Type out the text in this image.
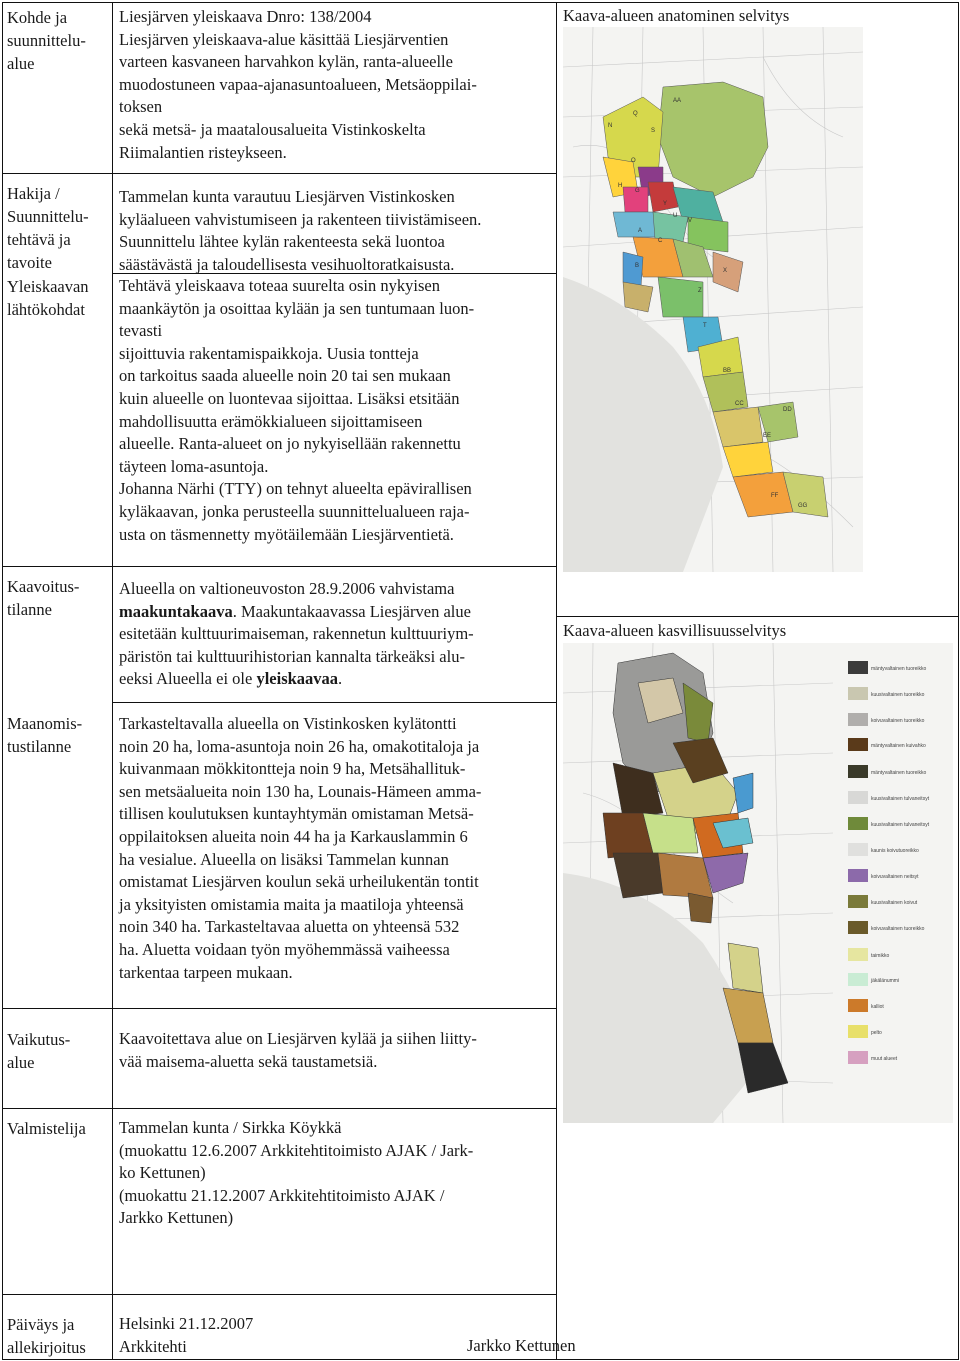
Kohde ja
suunnittelu-
alue
Liesjärven yleiskaava Dnro: 138/2004
Liesjärven yleiskaava-alue käsittää Liesjärventien
varteen kasvaneen harvahkon kylän, ranta-alueelle
muodostuneen vapaa-ajanasuntoalueen, Metsäoppilai-
toksen
sekä metsä- ja maatalousalueita Vistinkoskelta
Riimalantien risteykseen.
Hakija /
Suunnittelu-
tehtävä ja
tavoite
Tammelan kunta varautuu Liesjärven Vistinkosken
kyläalueen vahvistumiseen ja rakenteen tiivistämiseen.
Suunnittelu lähtee kylän rakenteesta sekä luontoa
säästävästä ja taloudellisesta vesihuoltoratkaisusta.
Yleiskaavan
lähtökohdat
Tehtävä yleiskaava toteaa suurelta osin nykyisen
maankäytön ja osoittaa kylään ja sen tuntumaan luon-
tevasti
sijoittuvia rakentamispaikkoja. Uusia tontteja
on tarkoitus saada alueelle noin 20 tai sen mukaan
kuin alueelle on luontevaa sijoittaa. Lisäksi etsitään
mahdollisuutta erämökkialueen sijoittamiseen
alueelle. Ranta-alueet on jo nykyisellään rakennettu
täyteen loma-asuntoja.
Johanna Närhi (TTY) on tehnyt alueelta epävirallisen
kyläkaavan, jonka perusteella suunnittelualueen raja-
usta on täsmennetty myötäilemään Liesjärventietä.
Kaavoitus-
tilanne
Alueella on valtioneuvoston 28.9.2006 vahvistama
maakuntakaava. Maakuntakaavassa Liesjärven alue
esitetään kulttuurimaiseman, rakennetun kulttuuriym-
päristön tai kulttuurihistorian kannalta tärkeäksi alu-
eeksi Alueella ei ole yleiskaavaa.
Maanomis-
tustilanne
Tarkasteltavalla alueella on Vistinkosken kylätontti
noin 20 ha, loma-asuntoja noin 26 ha, omakotitaloja ja
kuivanmaan mökkitontteja noin 9 ha, Metsähallituk-
sen metsäalueita noin 130 ha, Lounais-Hämeen amma-
tillisen koulutuksen kuntayhtymän omistaman Metsä-
oppilaitoksen alueita noin 44 ha ja Karkauslammin 6
ha vesialue. Alueella on lisäksi Tammelan kunnan
omistamat Liesjärven koulun sekä urheilukentän tontit
ja yksityisten omistamia maita ja maatiloja yhteensä
noin 340 ha. Tarkasteltavaa aluetta on yhteensä 532
ha. Aluetta voidaan työn myöhemmässä vaiheessa
tarkentaa tarpeen mukaan.
Vaikutus-
alue
Kaavoitettava alue on Liesjärven kylää ja siihen liitty-
vää maisema-aluetta sekä taustametsiä.
Valmistelija	Tammelan kunta / Sirkka Köykkä
(muokattu 12.6.2007 Arkkitehtitoimisto AJAK / Jark-
ko Kettunen)
(muokattu 21.12.2007 Arkkitehtitoimisto AJAK /
Jarkko Kettunen)
Päiväys ja
allekirjoitus
Helsinki 21.12.2007
Arkkitehti	Jarkko Kettunen
Kaava-alueen anatominen selvitys
Kaava-alueen kasvillisuusselvitys
AA
Q
S
N
O
G
Y
H
U
V
A
C
B
X
Z
T
BB
CC
DD
EE
FF
GG
mäntyvaltainen tuoreikko
kuusivaltainen tuoreikko
koivuvaltainen tuoreikko
mäntyvaltainen kuivahko
mäntyvaltainen tuoreikko
kuusivaltainen tulvaneitsyt
kuusivaltainen tulvaneitsyt
kaunis koivutuoreikko
koivuvaltainen neitsyt
kuusivaltainen koivut
koivuvaltainen tuoreikko
taimikko
jäkälänummi
kalliot
pelto
muut alueet
